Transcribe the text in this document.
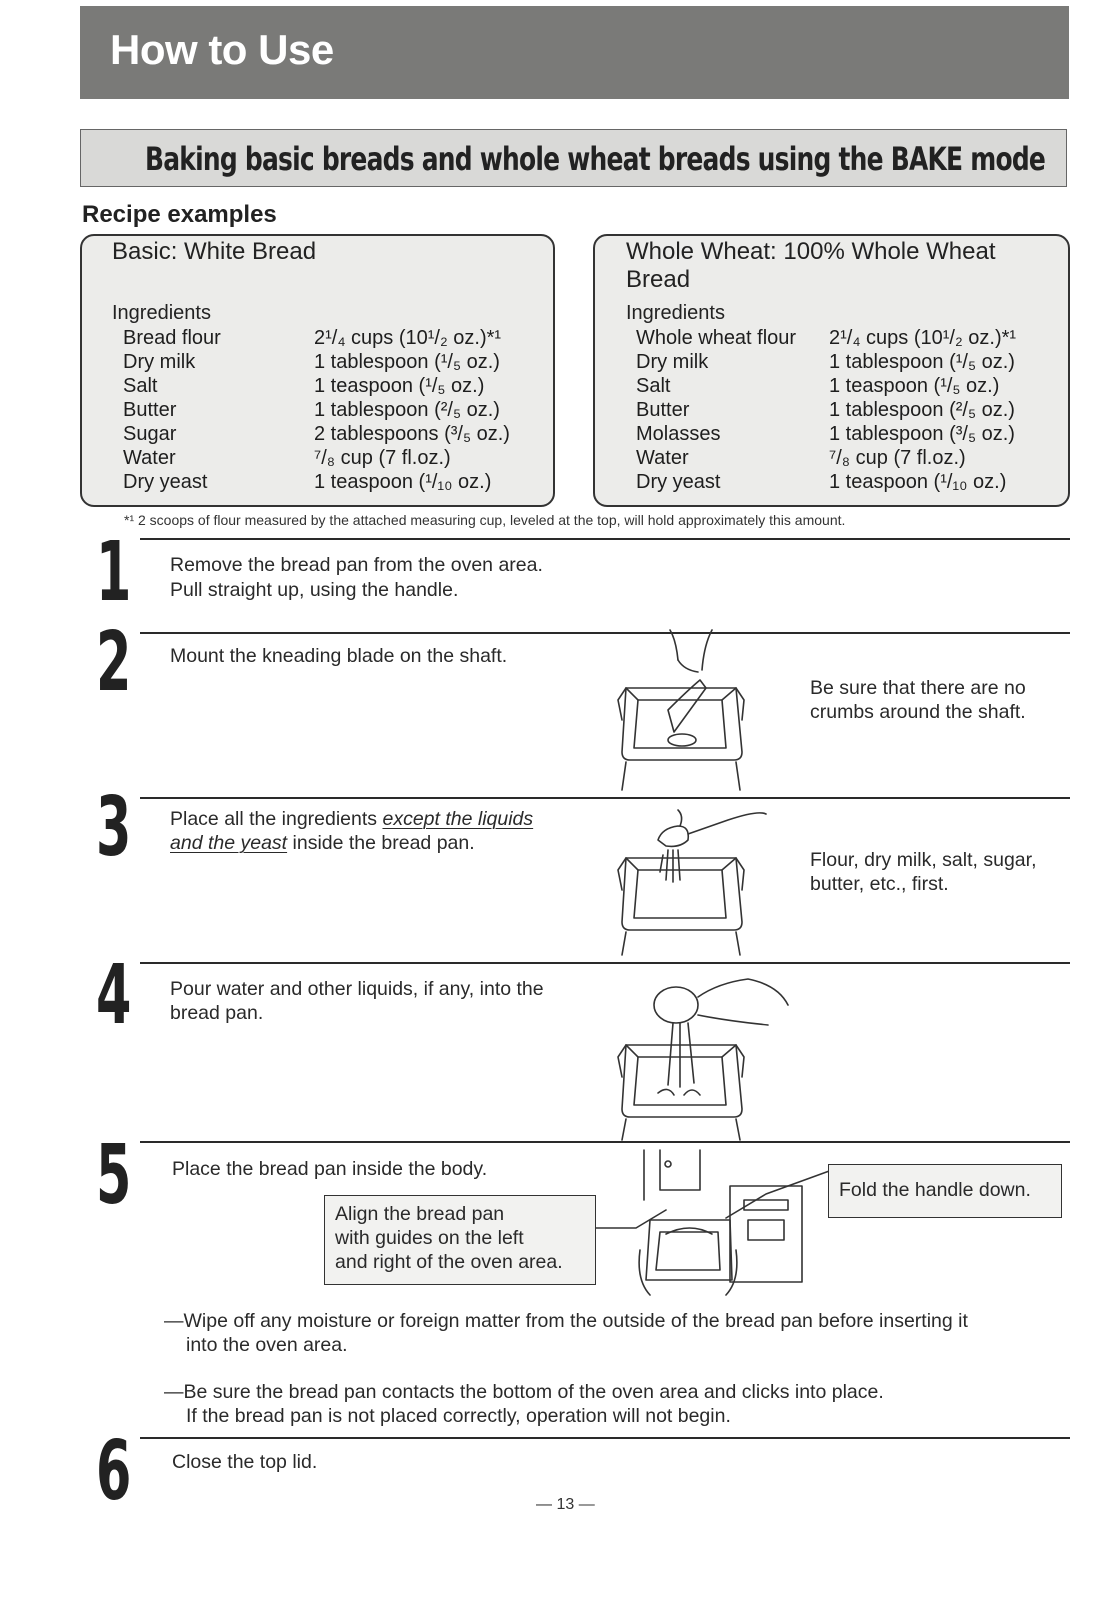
How to Use
Baking basic breads and whole wheat breads using the BAKE mode
Recipe examples
Basic: White Bread
Ingredients
Bread flour	2¹/₄ cups (10¹/₂ oz.)*¹
Dry milk	1 tablespoon (¹/₅ oz.)
Salt	1 teaspoon (¹/₅ oz.)
Butter	1 tablespoon (²/₅ oz.)
Sugar	2 tablespoons (³/₅ oz.)
Water	⁷/₈ cup (7 fl.oz.)
Dry yeast	1 teaspoon (¹/₁₀ oz.)
Whole Wheat: 100% Whole Wheat
Bread
Ingredients
Whole wheat flour 2¹/₄ cups (10¹/₂ oz.)*¹
Dry milk	1 tablespoon (¹/₅ oz.)
Salt	1 teaspoon (¹/₅ oz.)
Butter	1 tablespoon (²/₅ oz.)
Molasses	1 tablespoon (³/₅ oz.)
Water	⁷/₈ cup (7 fl.oz.)
Dry yeast	1 teaspoon (¹/₁₀ oz.)
*¹ 2 scoops of flour measured by the attached measuring cup, leveled at the top, will hold approximately this amount.
1 Remove the bread pan from the oven area.
Pull straight up, using the handle.
2 Mount the kneading blade on the shaft.
Be sure that there are no
crumbs around the shaft.
3 Place all the ingredients except the liquids
and the yeast inside the bread pan.
Flour, dry milk, salt, sugar,
butter, etc., first.
4 Pour water and other liquids, if any, into the
bread pan.
5 Place the bread pan inside the body.
Align the bread pan
with guides on the left
and right of the oven area.
Fold the handle down.
—Wipe off any moisture or foreign matter from the outside of the bread pan before inserting it
into the oven area.
—Be sure the bread pan contacts the bottom of the oven area and clicks into place.
If the bread pan is not placed correctly, operation will not begin.
6 Close the top lid.
— 13 —
